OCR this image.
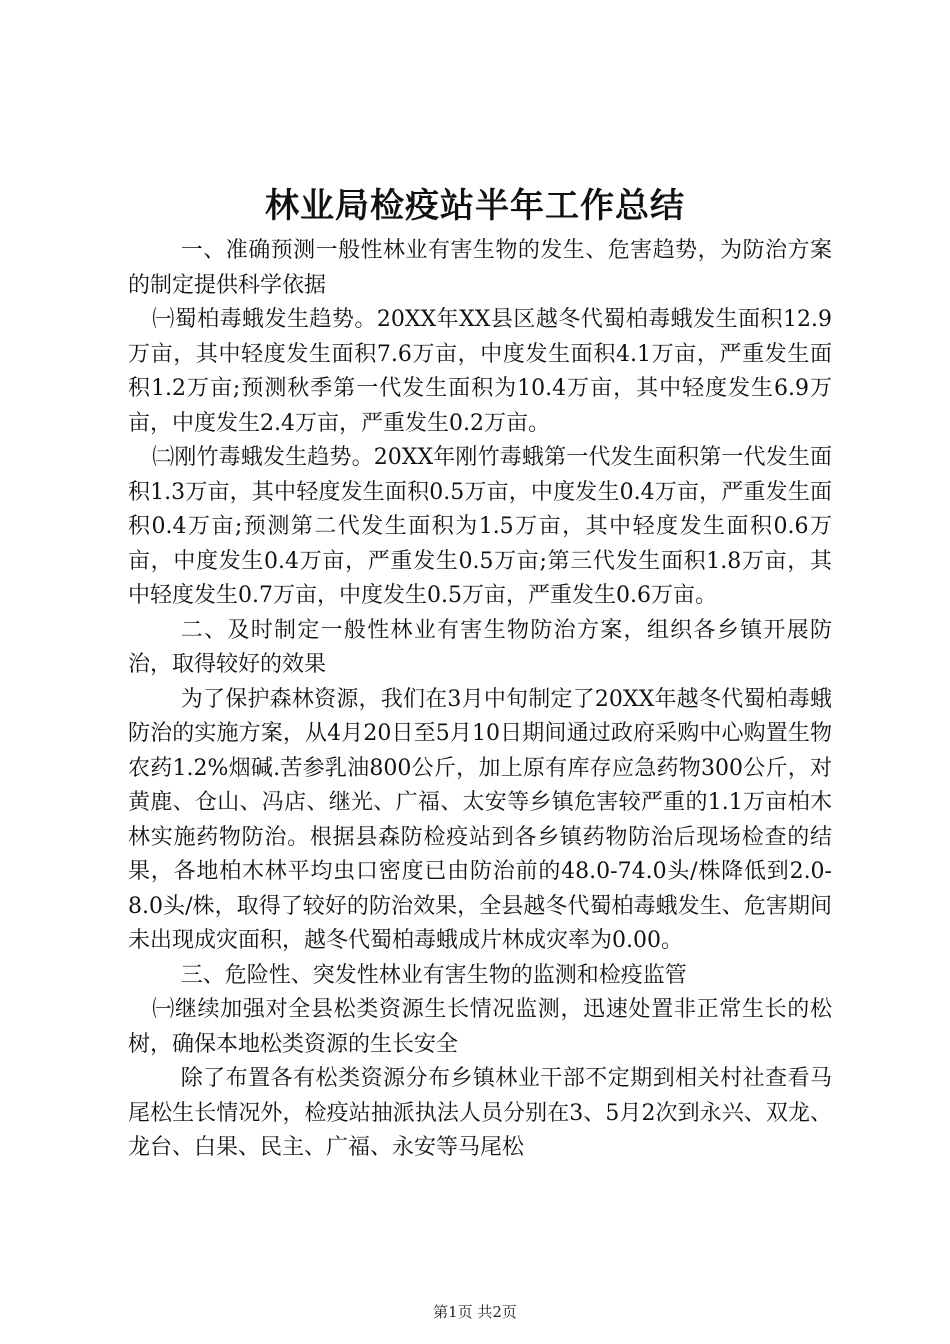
林业局检疫站半年工作总结

一、准确预测一般性林业有害生物的发生、危害趋势，为防治方案的制定提供科学依据

㈠蜀柏毒蛾发生趋势。20XX年XX县区越冬代蜀柏毒蛾发生面积12.9万亩，其中轻度发生面积7.6万亩，中度发生面积4.1万亩，严重发生面积1.2万亩;预测秋季第一代发生面积为10.4万亩，其中轻度发生6.9万亩，中度发生2.4万亩，严重发生0.2万亩。

㈡刚竹毒蛾发生趋势。20XX年刚竹毒蛾第一代发生面积第一代发生面积1.3万亩，其中轻度发生面积0.5万亩，中度发生0.4万亩，严重发生面积0.4万亩;预测第二代发生面积为1.5万亩，其中轻度发生面积0.6万亩，中度发生0.4万亩，严重发生0.5万亩;第三代发生面积1.8万亩，其中轻度发生0.7万亩，中度发生0.5万亩，严重发生0.6万亩。

二、及时制定一般性林业有害生物防治方案，组织各乡镇开展防治，取得较好的效果

为了保护森林资源，我们在3月中旬制定了20XX年越冬代蜀柏毒蛾防治的实施方案，从4月20日至5月10日期间通过政府采购中心购置生物农药1.2%烟碱.苦参乳油800公斤，加上原有库存应急药物300公斤，对黄鹿、仓山、冯店、继光、广福、太安等乡镇危害较严重的1.1万亩柏木林实施药物防治。根据县森防检疫站到各乡镇药物防治后现场检查的结果，各地柏木林平均虫口密度已由防治前的48.0-74.0头/株降低到2.0-8.0头/株，取得了较好的防治效果，全县越冬代蜀柏毒蛾发生、危害期间未出现成灾面积，越冬代蜀柏毒蛾成片林成灾率为0.00。

三、危险性、突发性林业有害生物的监测和检疫监管

㈠继续加强对全县松类资源生长情况监测，迅速处置非正常生长的松树，确保本地松类资源的生长安全

除了布置各有松类资源分布乡镇林业干部不定期到相关村社查看马尾松生长情况外，检疫站抽派执法人员分别在3、5月2次到永兴、双龙、龙台、白果、民主、广福、永安等马尾松

第1页 共2页
